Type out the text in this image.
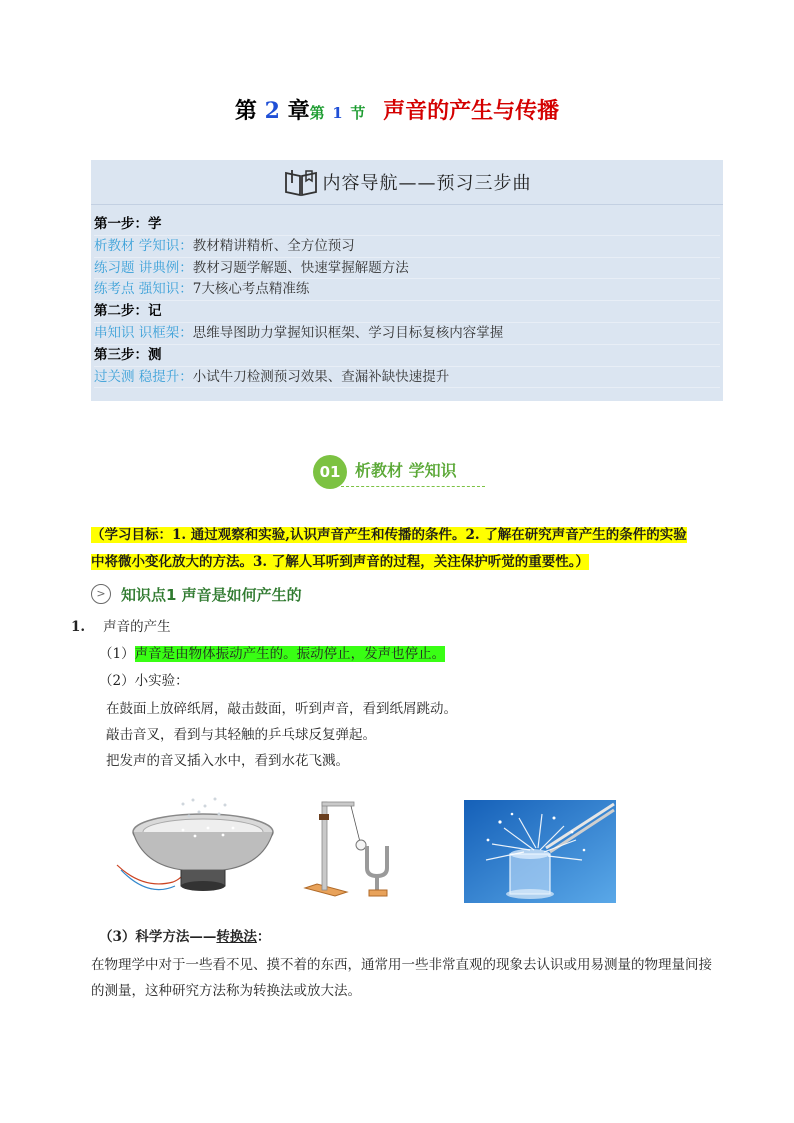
第 2 章第 1 节 声音的产生与传播
内容导航——预习三步曲
第一步：学
析教材 学知识：教材精讲精析、全方位预习
练习题 讲典例：教材习题学解题、快速掌握解题方法
练考点 强知识：7大核心考点精准练
第二步：记
串知识 识框架：思维导图助力掌握知识框架、学习目标复核内容掌握
第三步：测
过关测 稳提升：小试牛刀检测预习效果、查漏补缺快速提升
01 析教材 学知识
（学习目标：1. 通过观察和实验,认识声音产生和传播的条件。2. 了解在研究声音产生的条件的实验
中将微小变化放大的方法。3. 了解人耳听到声音的过程，关注保护听觉的重要性。）
>	知识点1 声音是如何产生的
1. 声音的产生
（1）声音是由物体振动产生的。振动停止，发声也停止。
（2）小实验：
在鼓面上放碎纸屑，敲击鼓面，听到声音，看到纸屑跳动。
敲击音叉，看到与其轻触的乒乓球反复弹起。
把发声的音叉插入水中，看到水花飞溅。
（3）科学方法——转换法：
在物理学中对于一些看不见、摸不着的东西，通常用一些非常直观的现象去认识或用易测量的物理量间接的测量，这种研究方法称为转换法或放大法。
